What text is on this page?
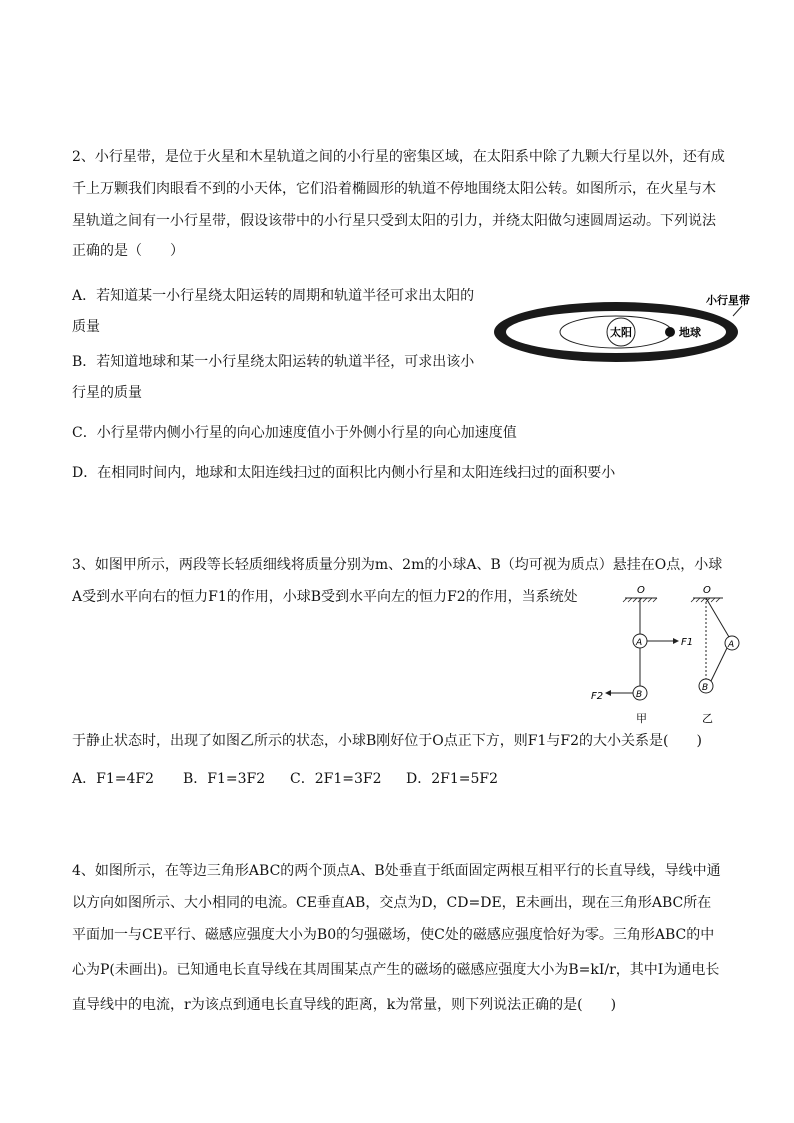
2、小行星带，是位于火星和木星轨道之间的小行星的密集区域，在太阳系中除了九颗大行星以外，还有成
千上万颗我们肉眼看不到的小天体，它们沿着椭圆形的轨道不停地围绕太阳公转。如图所示，在火星与木
星轨道之间有一小行星带，假设该带中的小行星只受到太阳的引力，并绕太阳做匀速圆周运动。下列说法
正确的是（　　）
A．若知道某一小行星绕太阳运转的周期和轨道半径可求出太阳的
质量
B．若知道地球和某一小行星绕太阳运转的轨道半径，可求出该小
行星的质量
C．小行星带内侧小行星的向心加速度值小于外侧小行星的向心加速度值
D．在相同时间内，地球和太阳连线扫过的面积比内侧小行星和太阳连线扫过的面积要小
太阳	地球
小行星带
3、如图甲所示，两段等长轻质细线将质量分别为m、2m的小球A、B（均可视为质点）悬挂在O点，小球
A受到水平向右的恒力F1的作用，小球B受到水平向左的恒力F2的作用，当系统处
于静止状态时，出现了如图乙所示的状态，小球B刚好位于O点正下方，则F1与F2的大小关系是(　　)
A．F1=4F2 B．F1=3F2 C．2F1=3F2 D．2F1=5F2
O
A	F1
B
F2
甲
O
A
B
乙
4、如图所示，在等边三角形ABC的两个顶点A、B处垂直于纸面固定两根互相平行的长直导线，导线中通
以方向如图所示、大小相同的电流。CE垂直AB，交点为D，CD=DE，E未画出，现在三角形ABC所在
平面加一与CE平行、磁感应强度大小为B0的匀强磁场，使C处的磁感应强度恰好为零。三角形ABC的中
心为P(未画出)。已知通电长直导线在其周围某点产生的磁场的磁感应强度大小为B=kI/r，其中I为通电长
直导线中的电流，r为该点到通电长直导线的距离，k为常量，则下列说法正确的是(　　)
